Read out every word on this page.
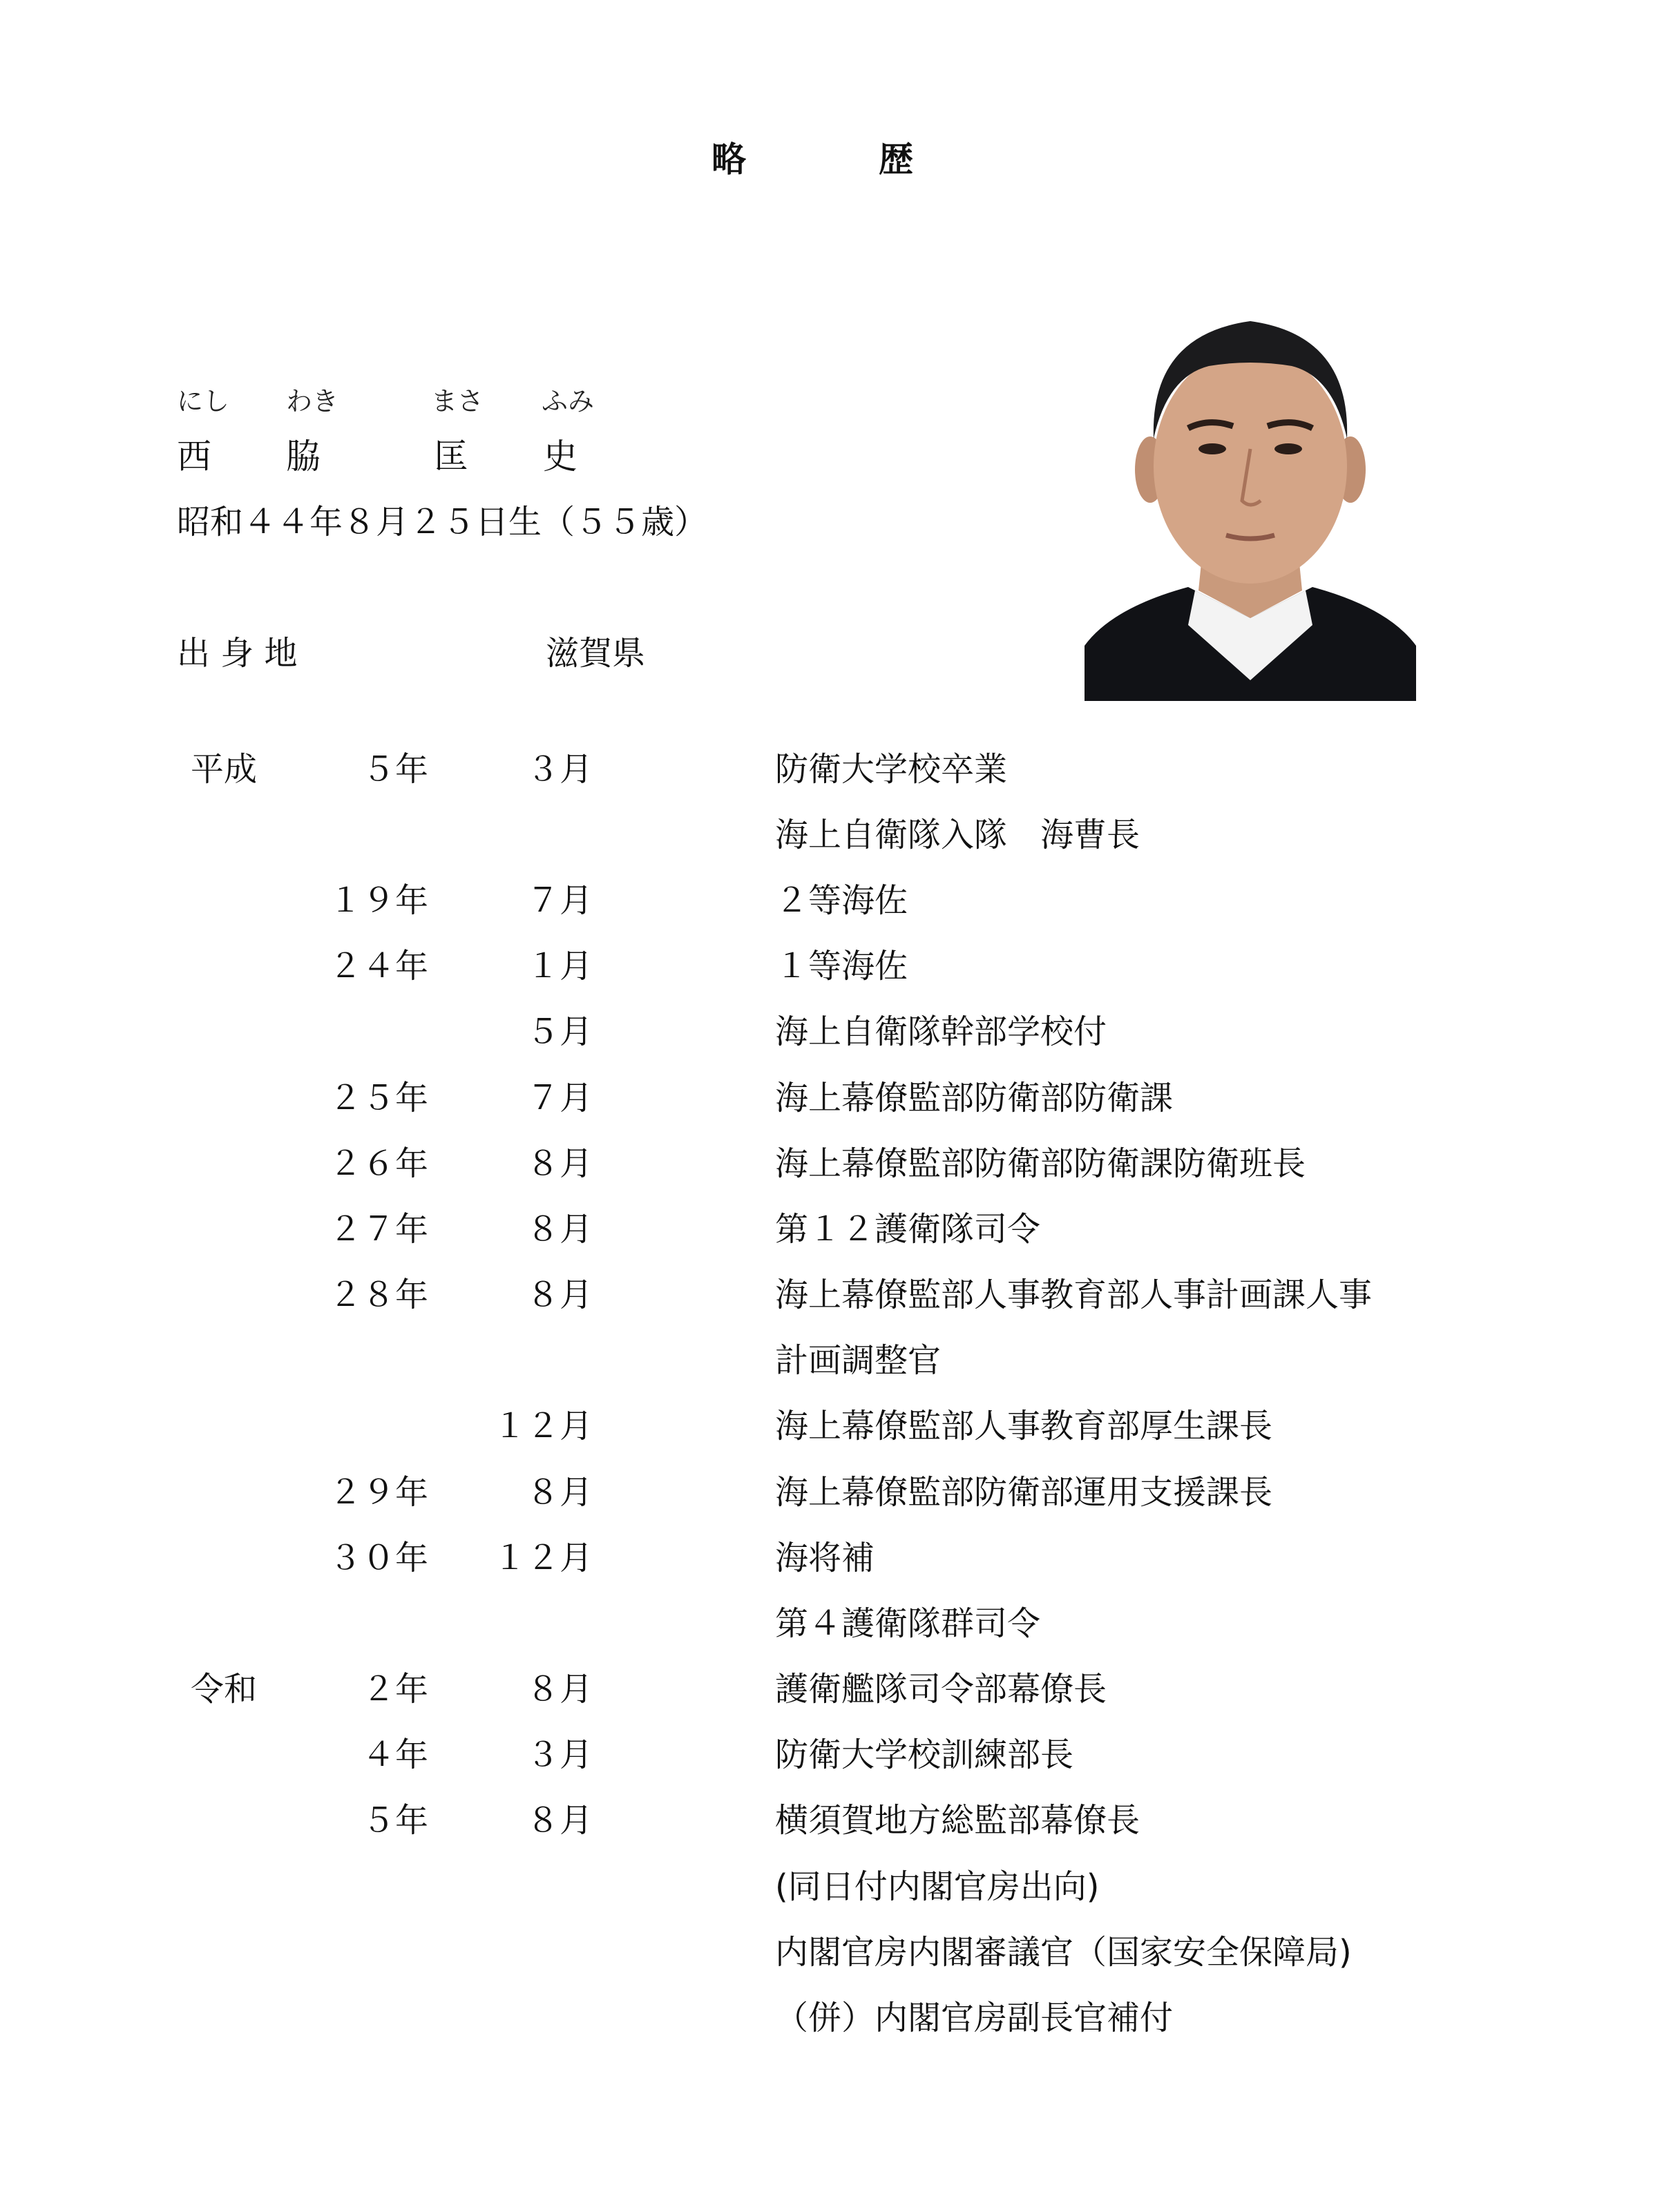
略	歴
にし わき	まさ ふみ
西 脇	匡 史
昭和４４年８月２５日生（５５歳）
出 身 地	滋賀県
平成	５年	３月	防衛大学校卒業
海上自衛隊入隊　海曹長
１９年	７月	２等海佐
２４年	１月	１等海佐
５月	海上自衛隊幹部学校付
２５年	７月	海上幕僚監部防衛部防衛課
２６年	８月	海上幕僚監部防衛部防衛課防衛班長
２７年	８月	第１２護衛隊司令
２８年	８月	海上幕僚監部人事教育部人事計画課人事
計画調整官
１２月	海上幕僚監部人事教育部厚生課長
２９年	８月	海上幕僚監部防衛部運用支援課長
３０年 １２月	海将補
第４護衛隊群司令
令和	２年	８月	護衛艦隊司令部幕僚長
４年	３月	防衛大学校訓練部長
５年	８月	横須賀地方総監部幕僚長
(同日付内閣官房出向)
内閣官房内閣審議官（国家安全保障局)
（併）内閣官房副長官補付
